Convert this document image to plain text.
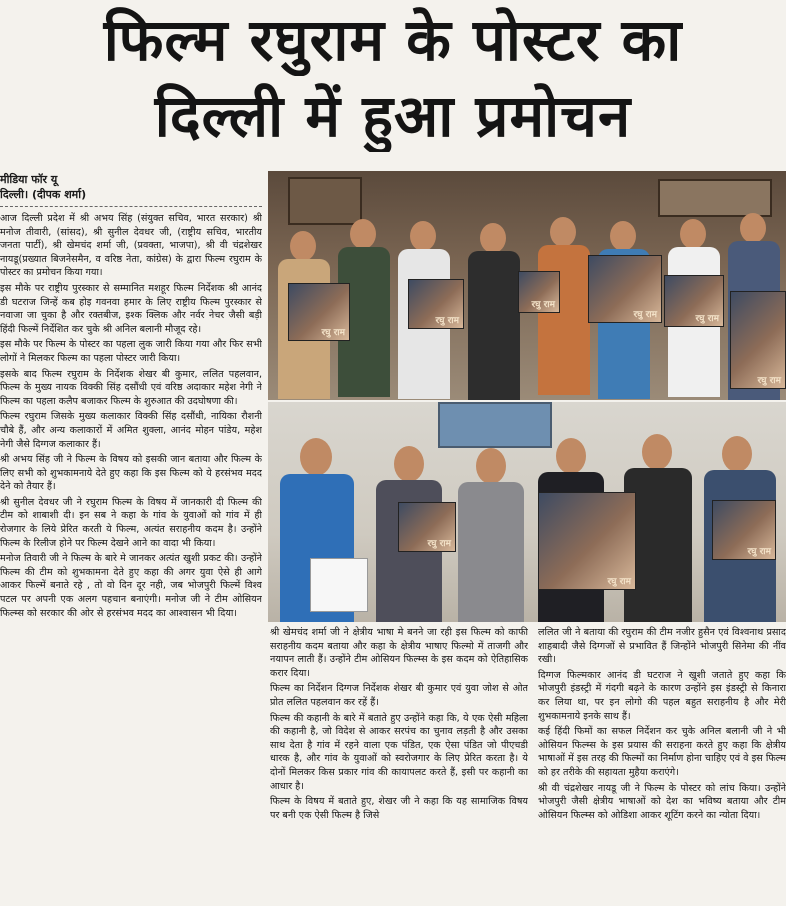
फिल्म रघुराम के पोस्टर का
दिल्ली में हुआ प्रमोचन
मीडिया फॉर यू
दिल्ली। (दीपक शर्मा)

आज दिल्ली प्रदेश में श्री अभय सिंह (संयुक्त सचिव, भारत सरकार) श्री मनोज तीवारी, (सांसद), श्री सुनील देवधर जी, (राष्ट्रीय सचिव, भारतीय जनता पार्टी), श्री खेमचंद शर्मा जी, (प्रवक्ता, भाजपा), श्री वी चंद्रशेखर नायडू(प्रख्यात बिजनेसमैन, व वरिष्ठ नेता, कांग्रेस) के द्वारा फिल्म रघुराम के पोस्टर का प्रमोचन किया गया।

इस मौके पर राष्ट्रीय पुरस्कार से सम्मानित मशहूर फिल्म निर्देशक श्री आनंद डी घटराज जिन्हें कब होइ गवनवा हमार के लिए राष्ट्रीय फिल्म पुरस्कार से नवाजा जा चुका है और रक्तबीज, इश्क क्लिक और नर्वर नेचर जैसी बड़ी हिंदी फिल्में निर्देशित कर चुके श्री अनिल बलानी मौजूद रहे।

इस मौके पर फिल्म के पोस्टर का पहला लुक जारी किया गया और फिर सभी लोगों ने मिलकर फिल्म का पहला पोस्टर जारी किया।

इसके बाद फिल्म रघुराम के निर्देशक शेखर बी कुमार, ललित पहलवान, फिल्म के मुख्य नायक विक्की सिंह दसौंधी एवं वरिष्ठ अदाकार महेश नेगी ने फिल्म का पहला कलैप बजाकर फिल्म के शुरुआत की उदघोषणा की।

फिल्म रघुराम जिसके मुख्य कलाकार विक्की सिंह दसौंधी, नायिका रौशनी चौबे हैं, और अन्य कलाकारों में अमित शुक्ला, आनंद मोहन पांडेय, महेश नेगी जैसे दिग्गज कलाकार हैं।

श्री अभय सिंह जी ने फिल्म के विषय को इसकी जान बताया और फिल्म के लिए सभी को शुभकामनाये देते हुए कहा कि इस फिल्म को ये हरसंभव मदद देने को तैयार हैं।

श्री सुनील देवधर जी ने रघुराम फिल्म के विषय में जानकारी दी फिल्म की टीम को शाबाशी दी। इन सब ने कहा के गांव के युवाओं को गांव में ही रोजगार के लिये प्रेरित करती ये फिल्म, अत्यंत सराहनीय कदम है। उन्होंने फिल्म के रिलीज होने पर फिल्म देखने आने का वादा भी किया।

मनोज तिवारी जी ने फिल्म के बारे मे जानकर अत्यंत खुशी प्रकट की। उन्होंने फिल्म की टीम को शुभकामना देते हुए कहा की अगर युवा ऐसे ही आगे आकर फिल्में बनाते रहे , तो वो दिन दूर नही, जब भोजपुरी फिल्में विश्व पटल पर अपनी एक अलग पहचान बनाएंगी। मनोज जी ने टीम ओसियन फिल्म्स को सरकार की ओर से हरसंभव मदद का आश्वासन भी दिया।

रघु राम
रघु राम
रघु राम
रघु राम	रघु राम
रघु राम
रघु राम
रघु राम
रघु राम

श्री खेमचंद शर्मा जी ने क्षेत्रीय भाषा मे बनने जा रही इस फिल्म को काफी सराहनीय कदम बताया और कहा के क्षेत्रीय भाषाए फिल्मो में ताजगी और नयापन लाती हैं। उन्होंने टीम ओसियन फिल्म्स के इस कदम को ऐतिहासिक करार दिया।

फिल्म का निर्देशन दिग्गज निर्देशक शेखर बी कुमार एवं युवा जोश से ओत प्रोत ललित पहलवान कर रहें हैं।

फिल्म की कहानी के बारे में बताते हुए उन्होंने कहा कि, ये एक ऐसी महिला की कहानी है, जो विदेश से आकर सरपंच का चुनाव लड़ती है और उसका साथ देता है गांव में रहने वाला एक पंडित, एक ऐसा पंडित जो पीएचडी धारक है, और गांव के युवाओं को स्वरोजगार के लिए प्रेरित करता है। ये दोनों मिलकर किस प्रकार गांव की कायापलट करते हैं, इसी पर कहानी का आधार है।

फिल्म के विषय में बताते हुए, शेखर जी ने कहा कि यह सामाजिक विषय पर बनी एक ऐसी फिल्म है जिसे

ललित जी ने बताया की रघुराम की टीम नजीर हुसैन एवं विश्वनाथ प्रसाद शाहबादी जैसे दिग्गजों से प्रभावित हैं जिन्होंने भोजपुरी सिनेमा की नींव रखी।

दिग्गज फिल्मकार आनंद डी घटराज ने खुशी जताते हुए कहा कि भोजपुरी इंडस्ट्री में गंदगी बढ़ने के कारण उन्होंने इस इंडस्ट्री से किनारा कर लिया था, पर इन लोगो की पहल बहुत सराहनीय है और मेरी शुभकामनाये इनके साथ हैं।

कई हिंदी फिमों का सफल निर्देशन कर चुके अनिल बलानी जी ने भी ओसियन फिल्म्स के इस प्रयास की सराहना करते हुए कहा कि क्षेत्रीय भाषाओं में इस तरह की फिल्मों का निर्माण होना चाहिए एवं वे इस फिल्म को हर तरीके की सहायता मुहैया कराएंगे।

श्री वी चंद्रशेखर नायडू जी ने फिल्म के पोस्टर को लांच किया। उन्होंने भोजपुरी जैसी क्षेत्रीय भाषाओं को देश का भविष्य बताया और टीम ओसियन फिल्म्स को ओडिशा आकर शूटिंग करने का न्योता दिया।
